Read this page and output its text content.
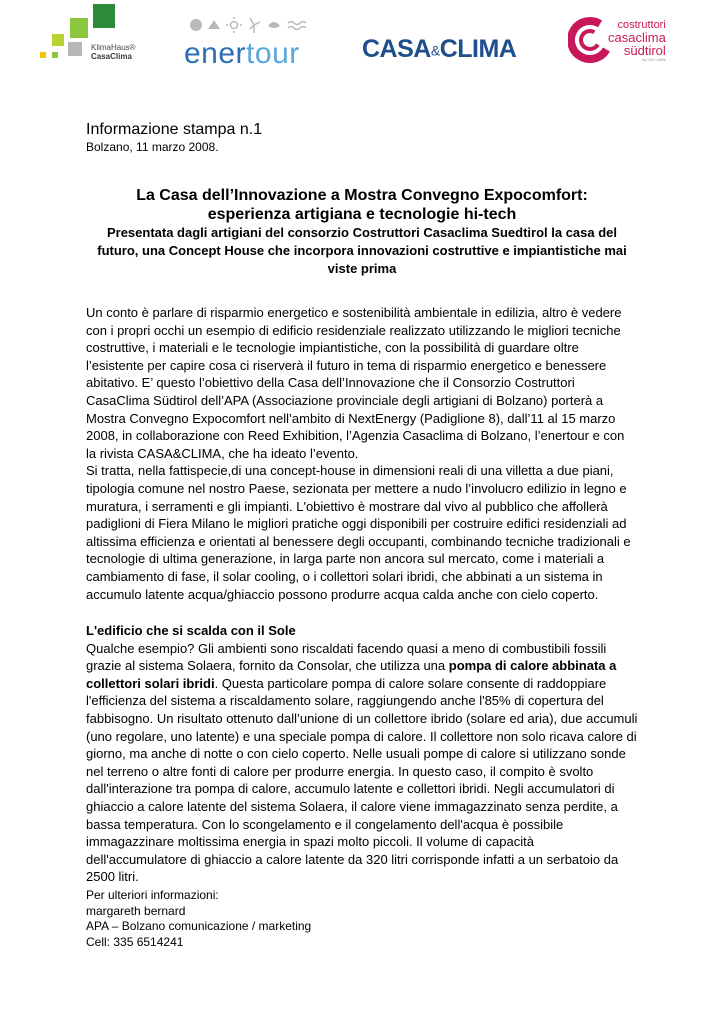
KlimaHaus®
CasaClima enertour CASA&CLIMA
costruttori
casaclima
südtirol
by LVH / APA

Informazione stampa n.1

Bolzano, 11 marzo 2008.

La Casa dell’Innovazione a Mostra Convegno Expocomfort:
esperienza artigiana e tecnologie hi-tech
Presentata dagli artigiani del consorzio Costruttori Casaclima Suedtirol la casa del futuro, una Concept House che incorpora innovazioni costruttive e impiantistiche mai viste prima

Un conto è parlare di risparmio energetico e sostenibilità ambientale in edilizia, altro è vedere con i propri occhi un esempio di edificio residenziale realizzato utilizzando le migliori tecniche costruttive, i materiali e le tecnologie impiantistiche, con la possibilità di guardare oltre l’esistente per capire cosa ci riserverà il futuro in tema di risparmio energetico e benessere abitativo. E’ questo l’obiettivo della Casa dell’Innovazione che il Consorzio Costruttori CasaClima Südtirol dell’APA (Associazione provinciale degli artigiani di Bolzano) porterà a Mostra Convegno Expocomfort nell’ambito di NextEnergy (Padiglione 8), dall’11 al 15 marzo 2008, in collaborazione con Reed Exhibition, l’Agenzia Casaclima di Bolzano, l’enertour e con la rivista CASA&CLIMA, che ha ideato l’evento.

Si tratta, nella fattispecie,di una concept-house in dimensioni reali di una villetta a due piani, tipologia comune nel nostro Paese, sezionata per mettere a nudo l’involucro edilizio in legno e muratura, i serramenti e gli impianti. L'obiettivo è mostrare dal vivo al pubblico che affollerà padiglioni di Fiera Milano le migliori pratiche oggi disponibili per costruire edifici residenziali ad altissima efficienza e orientati al benessere degli occupanti, combinando tecniche tradizionali e tecnologie di ultima generazione, in larga parte non ancora sul mercato, come i materiali a cambiamento di fase, il solar cooling, o i collettori solari ibridi, che abbinati a un sistema in accumulo latente acqua/ghiaccio possono produrre acqua calda anche con cielo coperto.

L'edificio che si scalda con il Sole

Qualche esempio? Gli ambienti sono riscaldati facendo quasi a meno di combustibili fossili grazie al sistema Solaera, fornito da Consolar, che utilizza una pompa di calore abbinata a collettori solari ibridi. Questa particolare pompa di calore solare consente di raddoppiare l'efficienza del sistema a riscaldamento solare, raggiungendo anche l'85% di copertura del fabbisogno. Un risultato ottenuto dall’unione di un collettore ibrido (solare ed aria), due accumuli (uno regolare, uno latente) e una speciale pompa di calore. Il collettore non solo ricava calore di giorno, ma anche di notte o con cielo coperto. Nelle usuali pompe di calore si utilizzano sonde nel terreno o altre fonti di calore per produrre energia. In questo caso, il compito è svolto dall'interazione tra pompa di calore, accumulo latente e collettori ibridi. Negli accumulatori di ghiaccio a calore latente del sistema Solaera, il calore viene immagazzinato senza perdite, a bassa temperatura. Con lo scongelamento e il congelamento dell'acqua è possibile immagazzinare moltissima energia in spazi molto piccoli. Il volume di capacità dell'accumulatore di ghiaccio a calore latente da 320 litri corrisponde infatti a un serbatoio da 2500 litri.

Per ulteriori informazioni:
margareth bernard
APA – Bolzano comunicazione / marketing
Cell: 335 6514241
